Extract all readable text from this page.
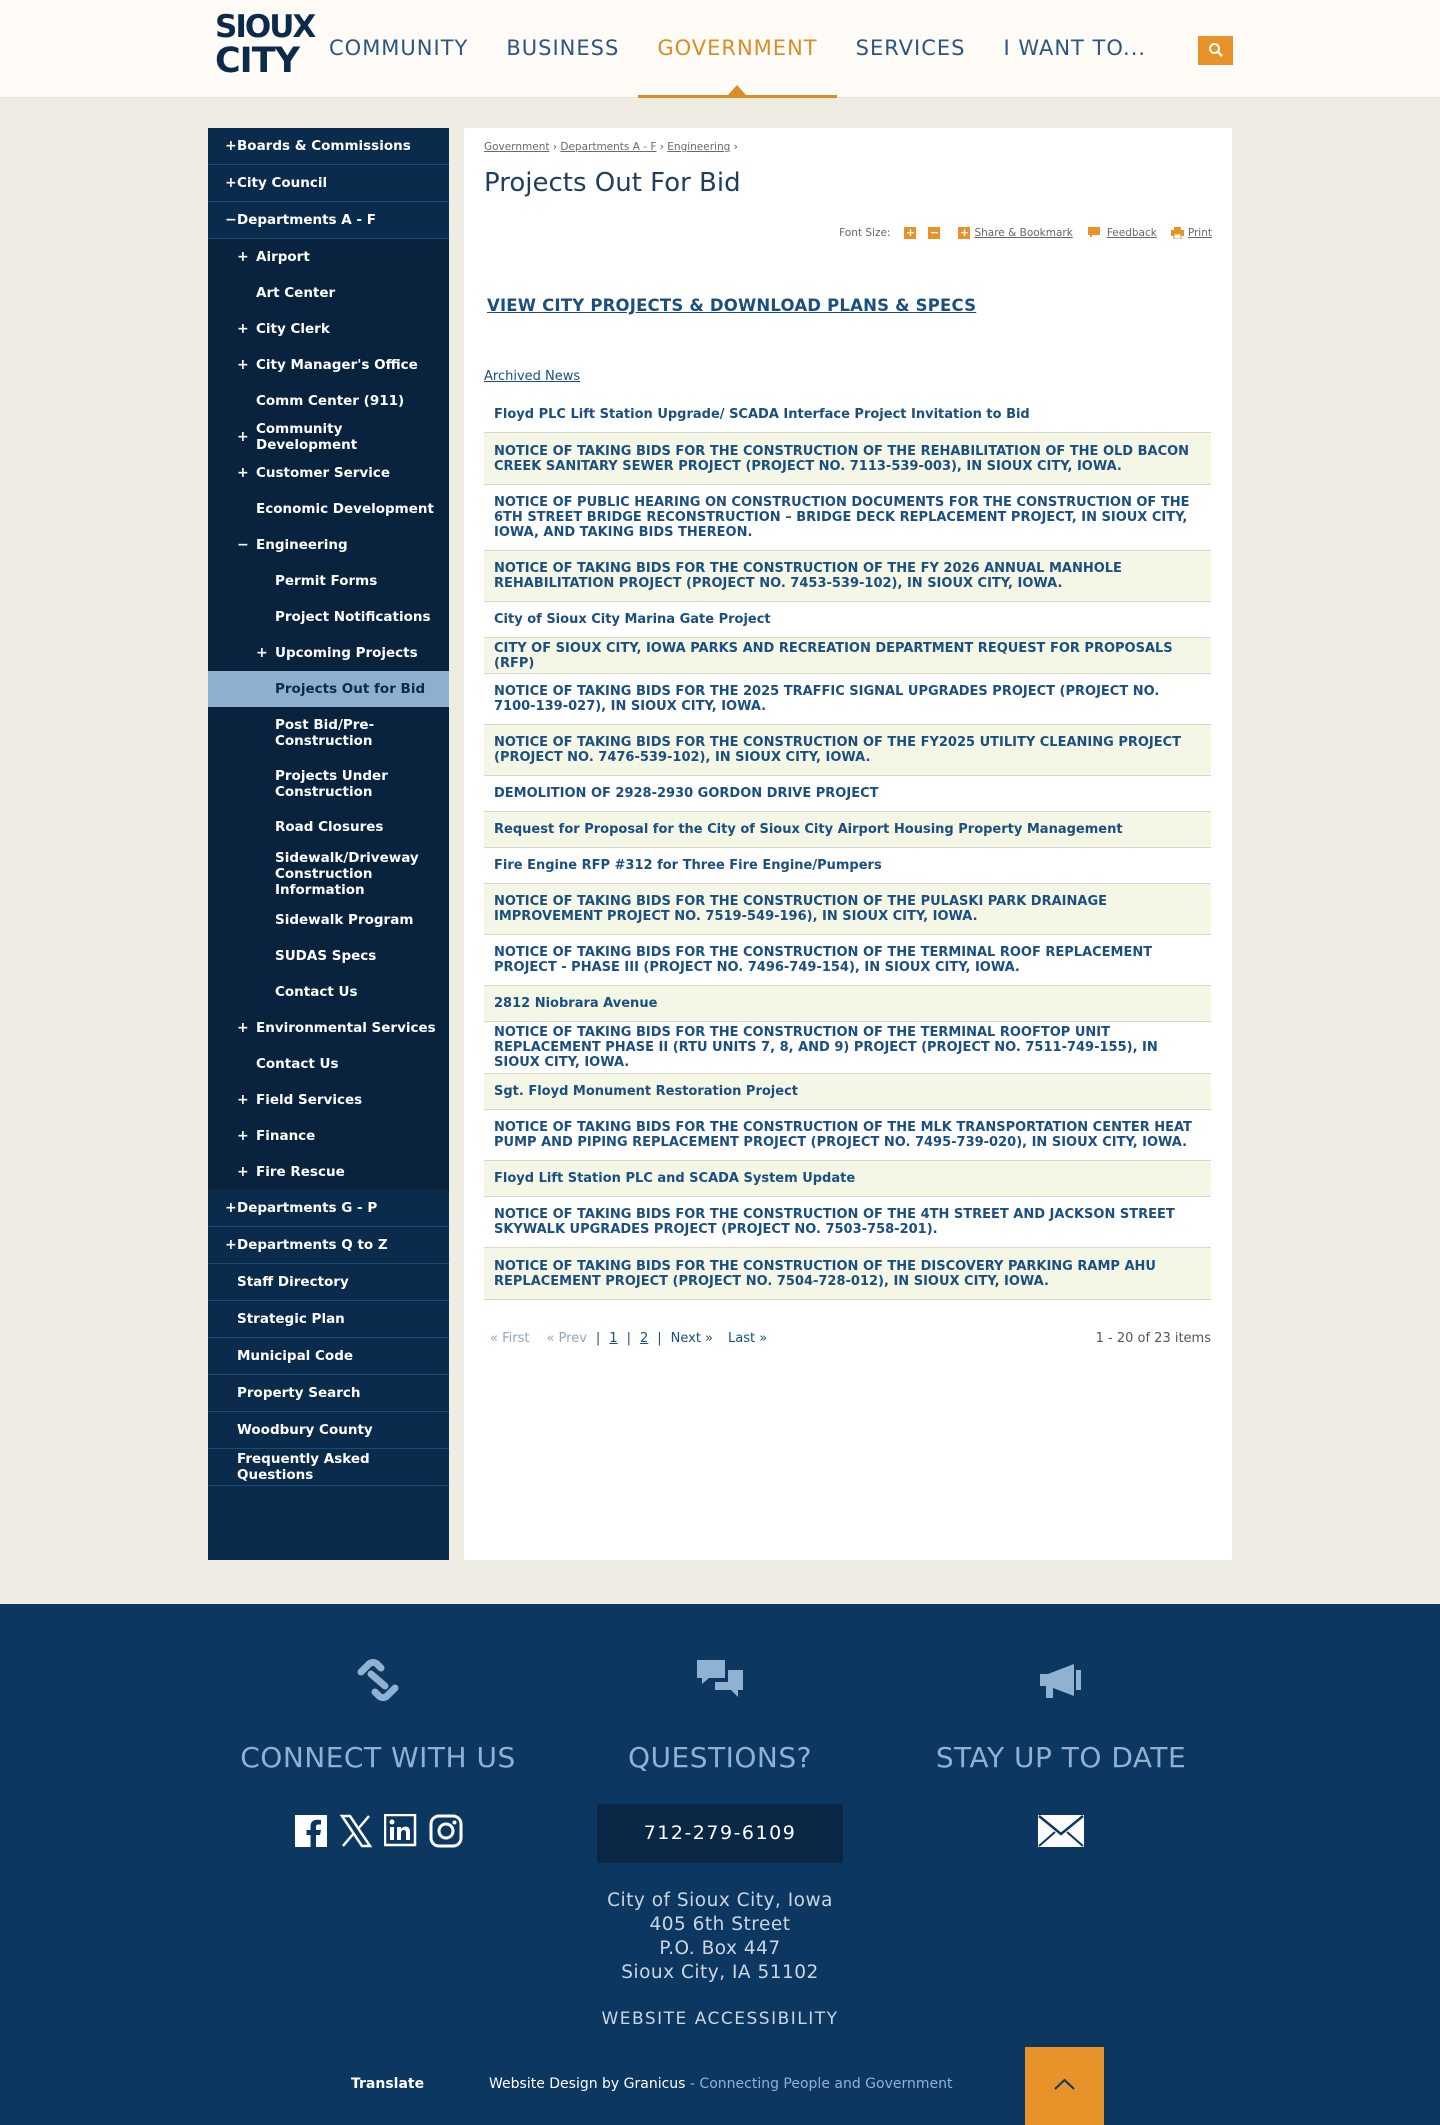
SIOUX
CITY	COMMUNITY	BUSINESS	GOVERNMENT	SERVICES	I WANT TO...
+ Boards & Commissions
+ City Council
− Departments A - F
+ Airport
Art Center
+ City Clerk
+ City Manager's Office
Comm Center (911)
+ Community Development
+ Customer Service
Economic Development
− Engineering
Permit Forms
Project Notifications
+ Upcoming Projects
Projects Out for Bid
Post Bid/Pre-Construction
Projects Under Construction
Road Closures
Sidewalk/Driveway Construction Information
Sidewalk Program
SUDAS Specs
Contact Us
+ Environmental Services
Contact Us
+ Field Services
+ Finance
+ Fire Rescue
+ Departments G - P
+ Departments Q to Z
Staff Directory
Strategic Plan
Municipal Code
Property Search
Woodbury County
Frequently Asked Questions
Government › Departments A - F › Engineering ›
Projects Out For Bid
Font Size: + − + Share & Bookmark	Feedback	Print
VIEW CITY PROJECTS & DOWNLOAD PLANS & SPECS
Archived News
Floyd PLC Lift Station Upgrade/ SCADA Interface Project Invitation to Bid
NOTICE OF TAKING BIDS FOR THE CONSTRUCTION OF THE REHABILITATION OF THE OLD BACON CREEK SANITARY SEWER PROJECT (PROJECT NO. 7113-539-003), IN SIOUX CITY, IOWA.
NOTICE OF PUBLIC HEARING ON CONSTRUCTION DOCUMENTS FOR THE CONSTRUCTION OF THE 6TH STREET BRIDGE RECONSTRUCTION – BRIDGE DECK REPLACEMENT PROJECT, IN SIOUX CITY, IOWA, AND TAKING BIDS THEREON.
NOTICE OF TAKING BIDS FOR THE CONSTRUCTION OF THE FY 2026 ANNUAL MANHOLE REHABILITATION PROJECT (PROJECT NO. 7453-539-102), IN SIOUX CITY, IOWA.
City of Sioux City Marina Gate Project
CITY OF SIOUX CITY, IOWA PARKS AND RECREATION DEPARTMENT REQUEST FOR PROPOSALS (RFP)
NOTICE OF TAKING BIDS FOR THE 2025 TRAFFIC SIGNAL UPGRADES PROJECT (PROJECT NO. 7100-139-027), IN SIOUX CITY, IOWA.
NOTICE OF TAKING BIDS FOR THE CONSTRUCTION OF THE FY2025 UTILITY CLEANING PROJECT (PROJECT NO. 7476-539-102), IN SIOUX CITY, IOWA.
DEMOLITION OF 2928-2930 GORDON DRIVE PROJECT
Request for Proposal for the City of Sioux City Airport Housing Property Management
Fire Engine RFP #312 for Three Fire Engine/Pumpers
NOTICE OF TAKING BIDS FOR THE CONSTRUCTION OF THE PULASKI PARK DRAINAGE IMPROVEMENT PROJECT NO. 7519-549-196), IN SIOUX CITY, IOWA.
NOTICE OF TAKING BIDS FOR THE CONSTRUCTION OF THE TERMINAL ROOF REPLACEMENT PROJECT - PHASE III (PROJECT NO. 7496-749-154), IN SIOUX CITY, IOWA.
2812 Niobrara Avenue
NOTICE OF TAKING BIDS FOR THE CONSTRUCTION OF THE TERMINAL ROOFTOP UNIT REPLACEMENT PHASE II (RTU UNITS 7, 8, AND 9) PROJECT (PROJECT NO. 7511-749-155), IN SIOUX CITY, IOWA.
Sgt. Floyd Monument Restoration Project
NOTICE OF TAKING BIDS FOR THE CONSTRUCTION OF THE MLK TRANSPORTATION CENTER HEAT PUMP AND PIPING REPLACEMENT PROJECT (PROJECT NO. 7495-739-020), IN SIOUX CITY, IOWA.
Floyd Lift Station PLC and SCADA System Update
NOTICE OF TAKING BIDS FOR THE CONSTRUCTION OF THE 4TH STREET AND JACKSON STREET SKYWALK UPGRADES PROJECT (PROJECT NO. 7503-758-201).
NOTICE OF TAKING BIDS FOR THE CONSTRUCTION OF THE DISCOVERY PARKING RAMP AHU REPLACEMENT PROJECT (PROJECT NO. 7504-728-012), IN SIOUX CITY, IOWA.
« First « Prev | 1 | 2 | Next » Last »	1 - 20 of 23 items
CONNECT WITH US	QUESTIONS?	STAY UP TO DATE
712-279-6109
City of Sioux City, Iowa
405 6th Street
P.O. Box 447
Sioux City, IA 51102
WEBSITE ACCESSIBILITY
Translate	Website Design by Granicus - Connecting People and Government
